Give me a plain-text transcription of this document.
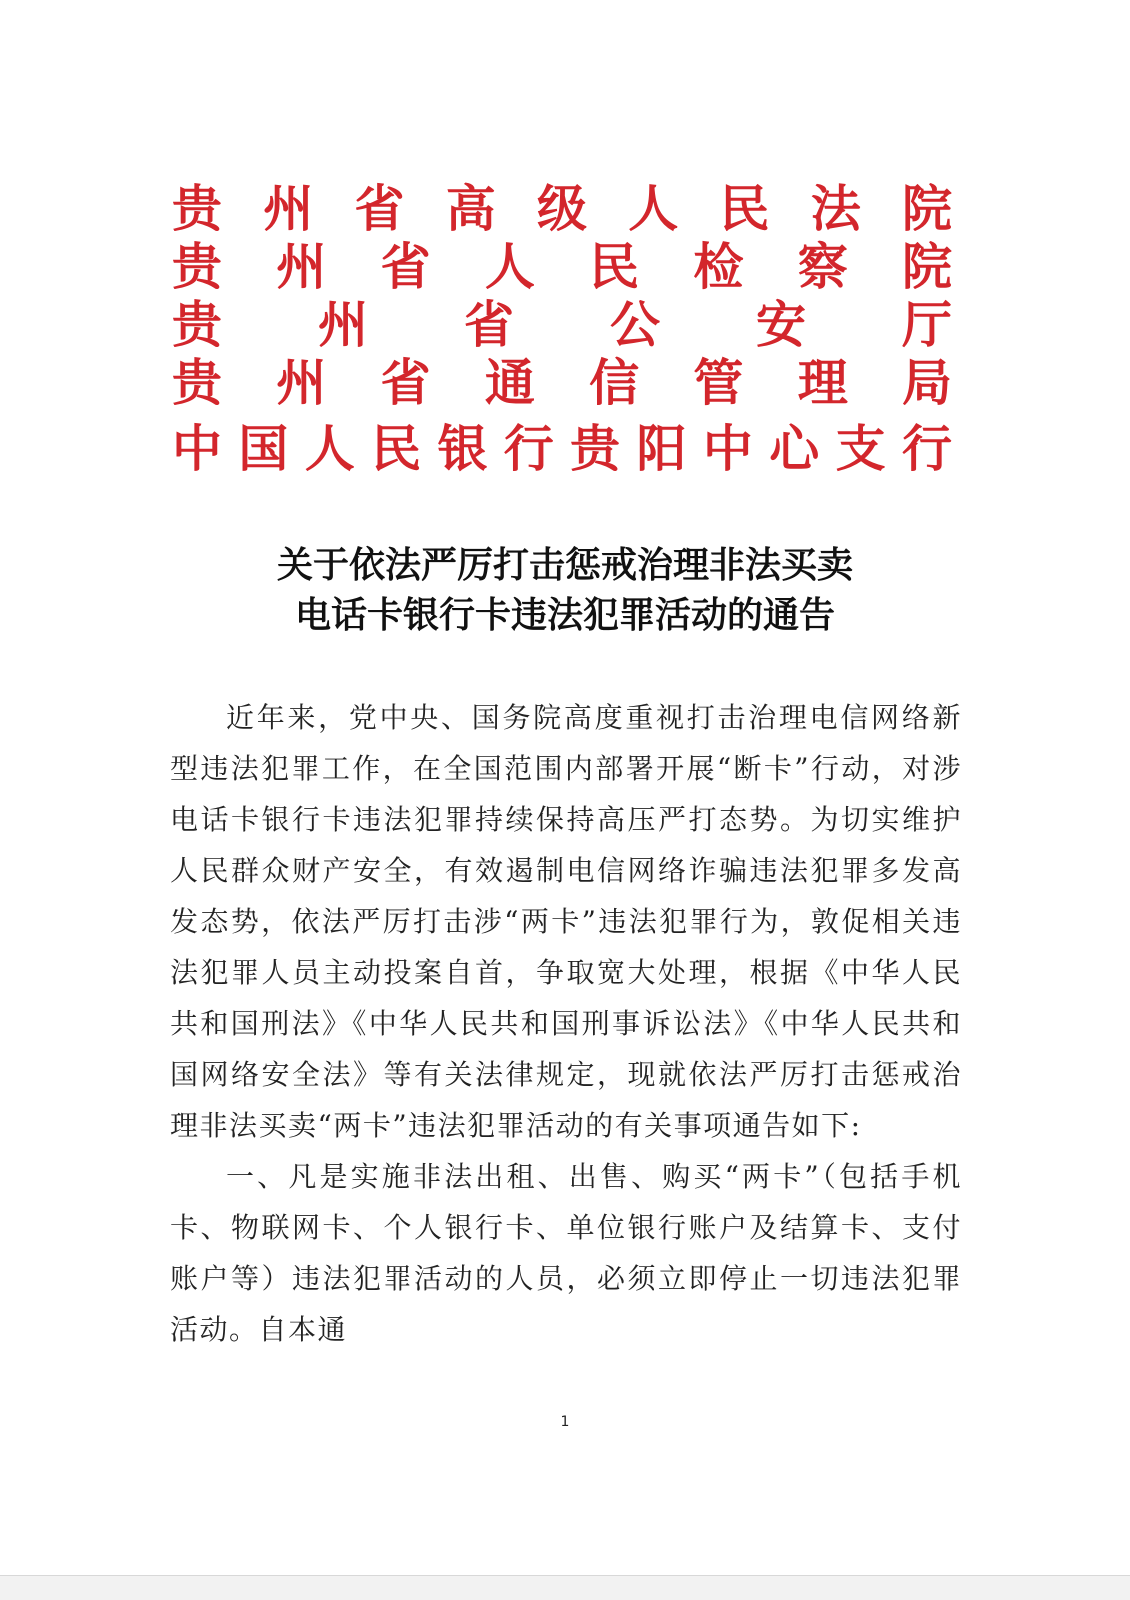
贵 州 省 高 级 人 民 法 院
贵 州 省 人 民 检 察 院
贵 州 省 公 安 厅
贵 州 省 通 信 管 理 局
中 国 人 民 银 行 贵 阳 中 心 支 行
关于依法严厉打击惩戒治理非法买卖
电话卡银行卡违法犯罪活动的通告

近年来，党中央、国务院高度重视打击治理电信网络新型违法犯罪工作，在全国范围内部署开展“断卡”行动，对涉电话卡银行卡违法犯罪持续保持高压严打态势。为切实维护人民群众财产安全，有效遏制电信网络诈骗违法犯罪多发高发态势，依法严厉打击涉“两卡”违法犯罪行为，敦促相关违法犯罪人员主动投案自首，争取宽大处理，根据《中华人民共和国刑法》《中华人民共和国刑事诉讼法》《中华人民共和国网络安全法》等有关法律规定，现就依法严厉打击惩戒治理非法买卖“两卡”违法犯罪活动的有关事项通告如下:

一、凡是实施非法出租、出售、购买“两卡”（包括手机卡、物联网卡、个人银行卡、单位银行账户及结算卡、支付账户等）违法犯罪活动的人员，必须立即停止一切违法犯罪活动。自本通

1
